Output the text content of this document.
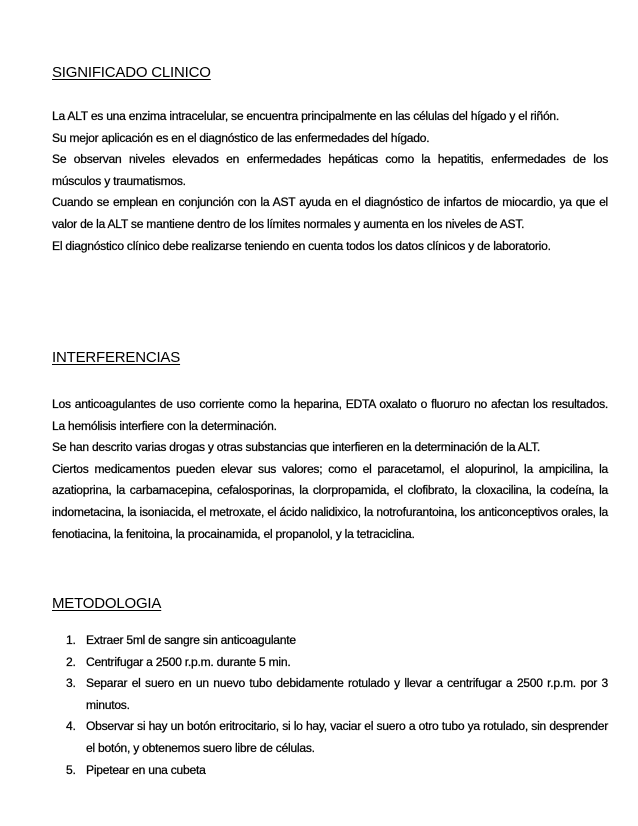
SIGNIFICADO CLINICO

La ALT es una enzima intracelular, se encuentra principalmente en las células del hígado y el riñón.

Su mejor aplicación es en el diagnóstico de las enfermedades del hígado.

Se observan niveles elevados en enfermedades hepáticas como la hepatitis, enfermedades de los músculos y traumatismos.

Cuando se emplean en conjunción con la AST ayuda en el diagnóstico de infartos de miocardio, ya que el valor de la ALT se mantiene dentro de los límites normales y aumenta en los niveles de AST.

El diagnóstico clínico debe realizarse teniendo en cuenta todos los datos clínicos y de laboratorio.

INTERFERENCIAS

Los anticoagulantes de uso corriente como la heparina, EDTA oxalato o fluoruro no afectan los resultados. La hemólisis interfiere con la determinación.

Se han descrito varias drogas y otras substancias que interfieren en la determinación de la ALT.

Ciertos medicamentos pueden elevar sus valores; como el paracetamol, el alopurinol, la ampicilina, la azatioprina, la carbamacepina, cefalosporinas, la clorpropamida, el clofibrato, la cloxacilina, la codeína, la indometacina, la isoniacida, el metroxate, el ácido nalidixico, la notrofurantoina, los anticonceptivos orales, la fenotiacina, la fenitoina, la procainamida, el propanolol, y la tetraciclina.

METODOLOGIA
1. Extraer 5ml de sangre sin anticoagulante
2. Centrifugar a 2500 r.p.m. durante 5 min.
3. Separar el suero en un nuevo tubo debidamente rotulado y llevar a centrifugar a 2500 r.p.m. por 3 minutos.
4. Observar si hay un botón eritrocitario, si lo hay, vaciar el suero a otro tubo ya rotulado, sin desprender el botón, y obtenemos suero libre de células.
5. Pipetear en una cubeta
